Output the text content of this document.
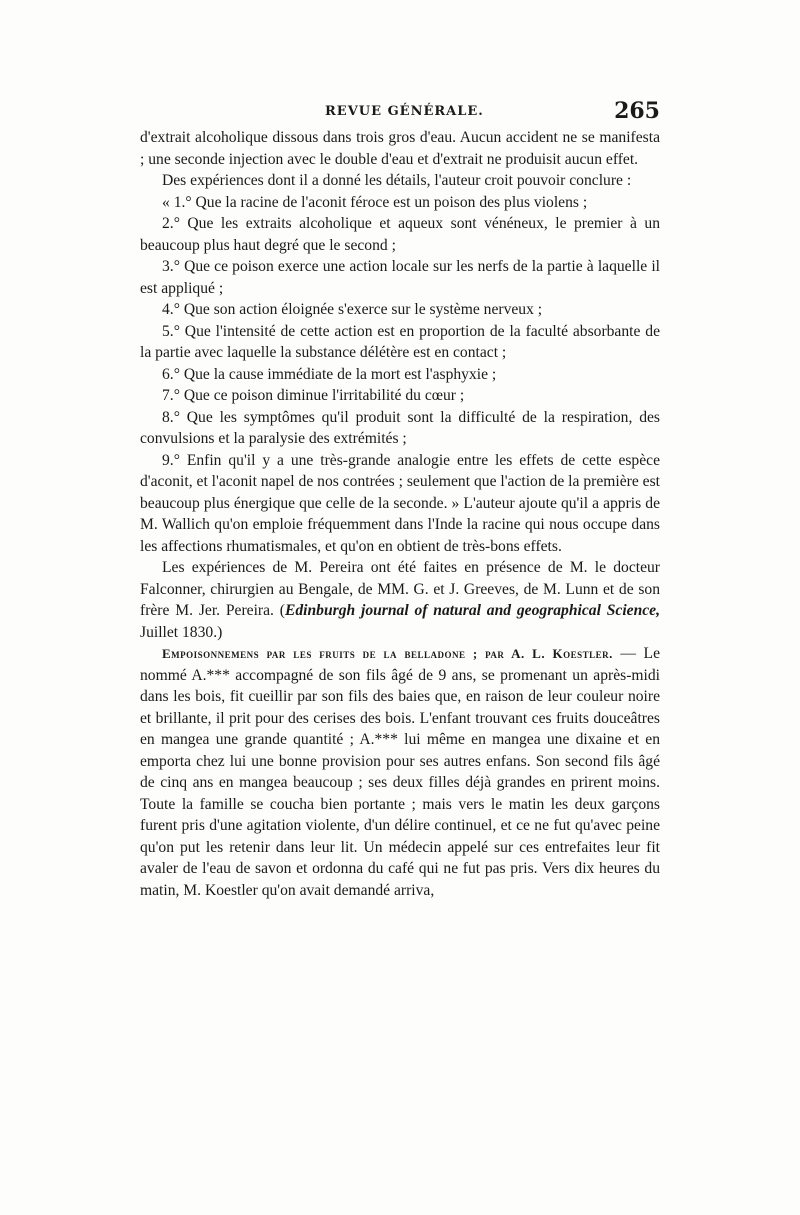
REVUE GÉNÉRALE.	265

d'extrait alcoholique dissous dans trois gros d'eau. Aucun accident ne se manifesta ; une seconde injection avec le double d'eau et d'extrait ne produisit aucun effet.

Des expériences dont il a donné les détails, l'auteur croit pouvoir conclure :

« 1.° Que la racine de l'aconit féroce est un poison des plus violens ;

2.° Que les extraits alcoholique et aqueux sont vénéneux, le premier à un beaucoup plus haut degré que le second ;

3.° Que ce poison exerce une action locale sur les nerfs de la partie à laquelle il est appliqué ;

4.° Que son action éloignée s'exerce sur le système nerveux ;

5.° Que l'intensité de cette action est en proportion de la faculté absorbante de la partie avec laquelle la substance délétère est en contact ;

6.° Que la cause immédiate de la mort est l'asphyxie ;

7.° Que ce poison diminue l'irritabilité du cœur ;

8.° Que les symptômes qu'il produit sont la difficulté de la respiration, des convulsions et la paralysie des extrémités ;

9.° Enfin qu'il y a une très-grande analogie entre les effets de cette espèce d'aconit, et l'aconit napel de nos contrées ; seulement que l'action de la première est beaucoup plus énergique que celle de la seconde. » L'auteur ajoute qu'il a appris de M. Wallich qu'on emploie fréquemment dans l'Inde la racine qui nous occupe dans les affections rhumatismales, et qu'on en obtient de très-bons effets.

Les expériences de M. Pereira ont été faites en présence de M. le docteur Falconner, chirurgien au Bengale, de MM. G. et J. Greeves, de M. Lunn et de son frère M. Jer. Pereira. (Edinburgh journal of natural and geographical Science, Juillet 1830.)

Empoisonnemens par les fruits de la belladone ; par A. L. Koestler. — Le nommé A.*** accompagné de son fils âgé de 9 ans, se promenant un après-midi dans les bois, fit cueillir par son fils des baies que, en raison de leur couleur noire et brillante, il prit pour des cerises des bois. L'enfant trouvant ces fruits douceâtres en mangea une grande quantité ; A.*** lui même en mangea une dixaine et en emporta chez lui une bonne provision pour ses autres enfans. Son second fils âgé de cinq ans en mangea beaucoup ; ses deux filles déjà grandes en prirent moins. Toute la famille se coucha bien portante ; mais vers le matin les deux garçons furent pris d'une agitation violente, d'un délire continuel, et ce ne fut qu'avec peine qu'on put les retenir dans leur lit. Un médecin appelé sur ces entrefaites leur fit avaler de l'eau de savon et ordonna du café qui ne fut pas pris. Vers dix heures du matin, M. Koestler qu'on avait demandé arriva,
